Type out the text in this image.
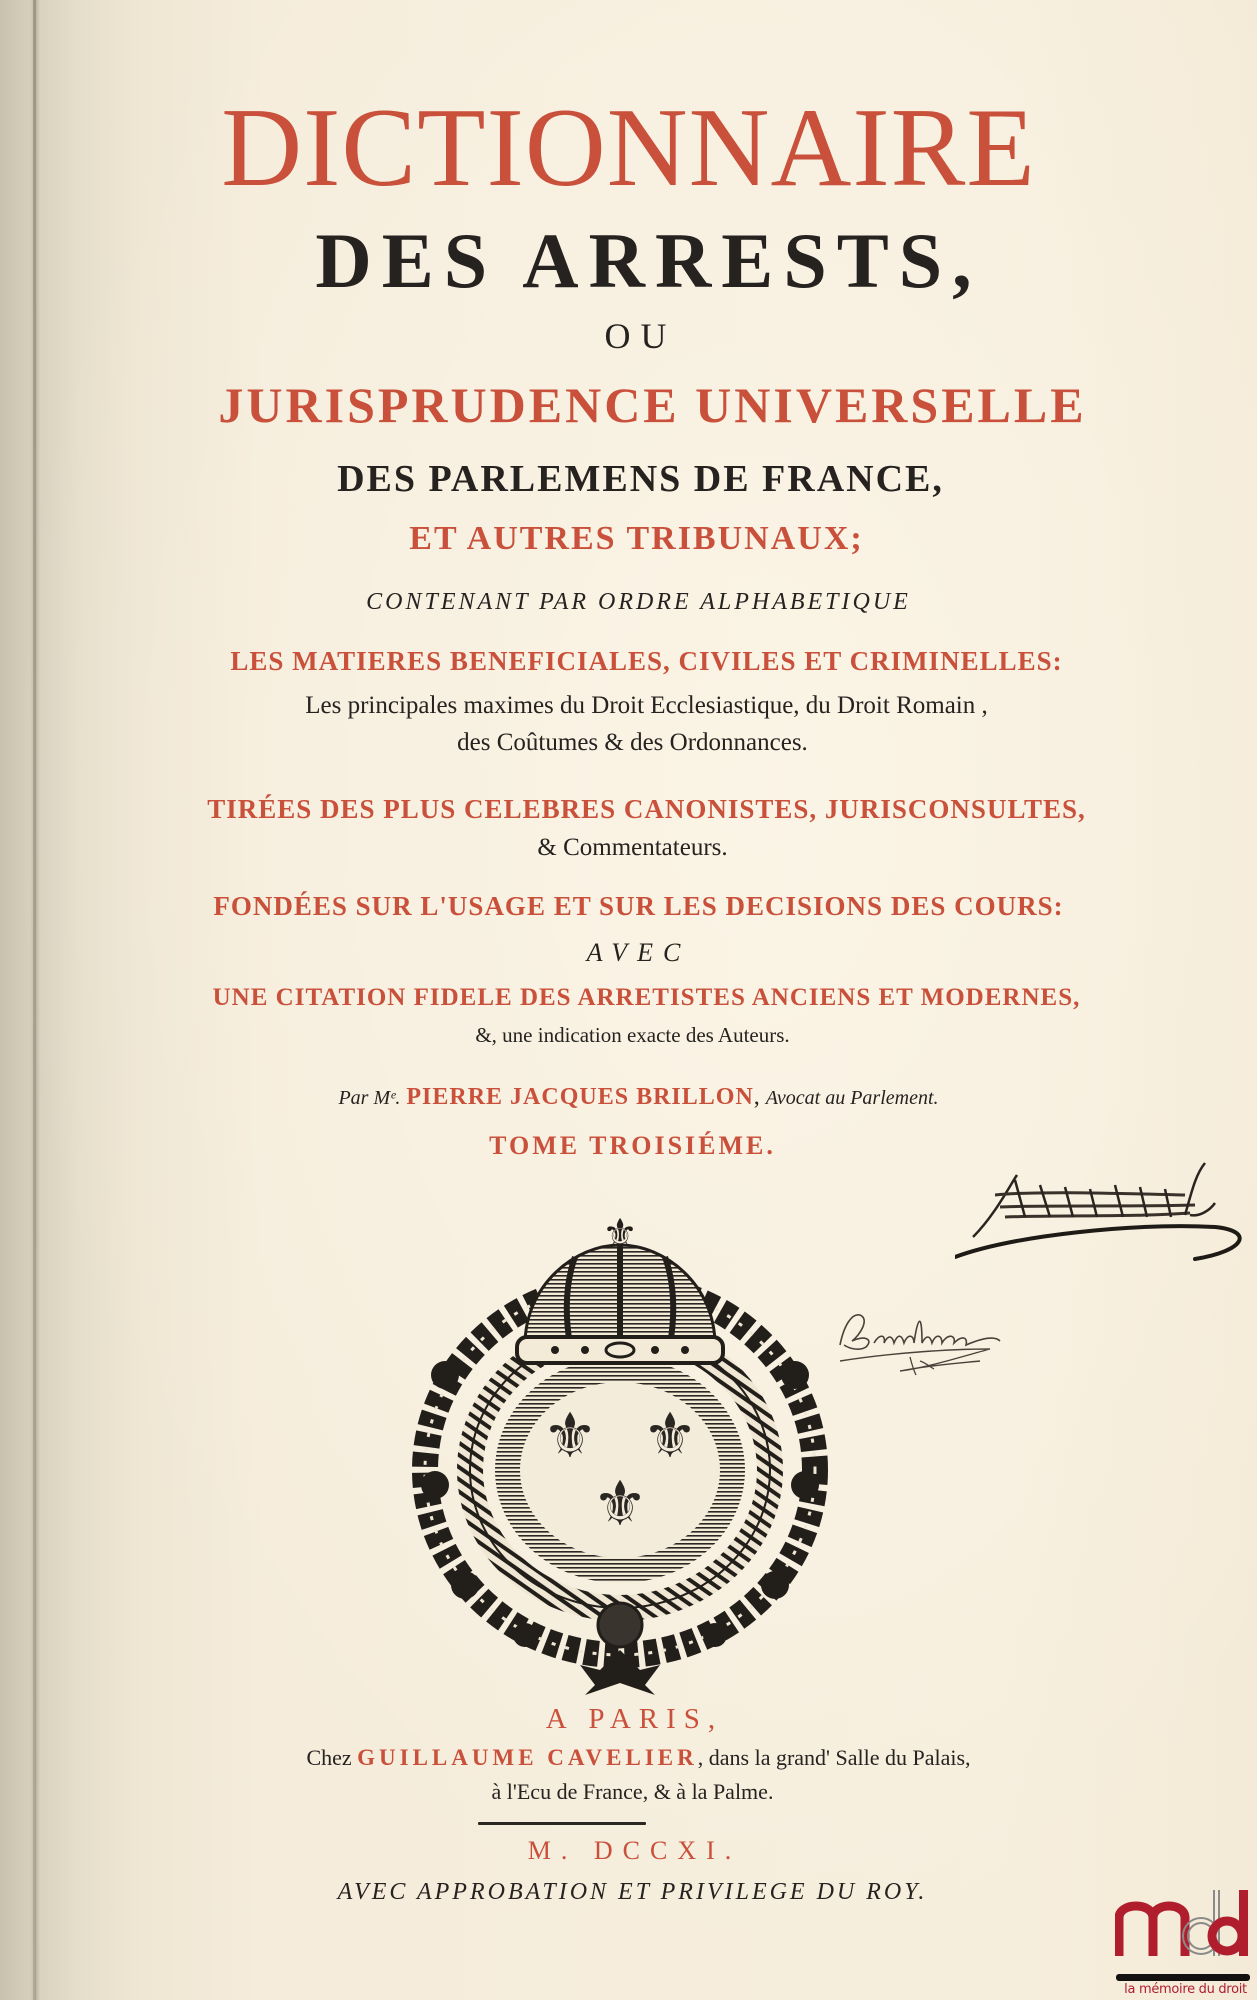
DICTIONNAIRE
DES ARRESTS,
OU
JURISPRUDENCE UNIVERSELLE
DES PARLEMENS DE FRANCE,
ET AUTRES TRIBUNAUX;
CONTENANT PAR ORDRE ALPHABETIQUE
LES MATIERES BENEFICIALES, CIVILES ET CRIMINELLES:
Les principales maximes du Droit Ecclesiastique, du Droit Romain ,
des Coûtumes & des Ordonnances.
TIRÉES DES PLUS CELEBRES CANONISTES, JURISCONSULTES,
& Commentateurs.
FONDÉES SUR L'USAGE ET SUR LES DECISIONS DES COURS:
AVEC
UNE CITATION FIDELE DES ARRETISTES ANCIENS ET MODERNES,
&, une indication exacte des Auteurs.
Par Mᵉ. PIERRE JACQUES BRILLON, Avocat au Parlement.
TOME TROISIÉME.
⚜ ⚜
⚜
⚜
A PARIS,
Chez GUILLAUME CAVELIER, dans la grand' Salle du Palais,
à l'Ecu de France, & à la Palme.
M. DCCXI.
AVEC APPROBATION ET PRIVILEGE DU ROY.
la mémoire du droit
